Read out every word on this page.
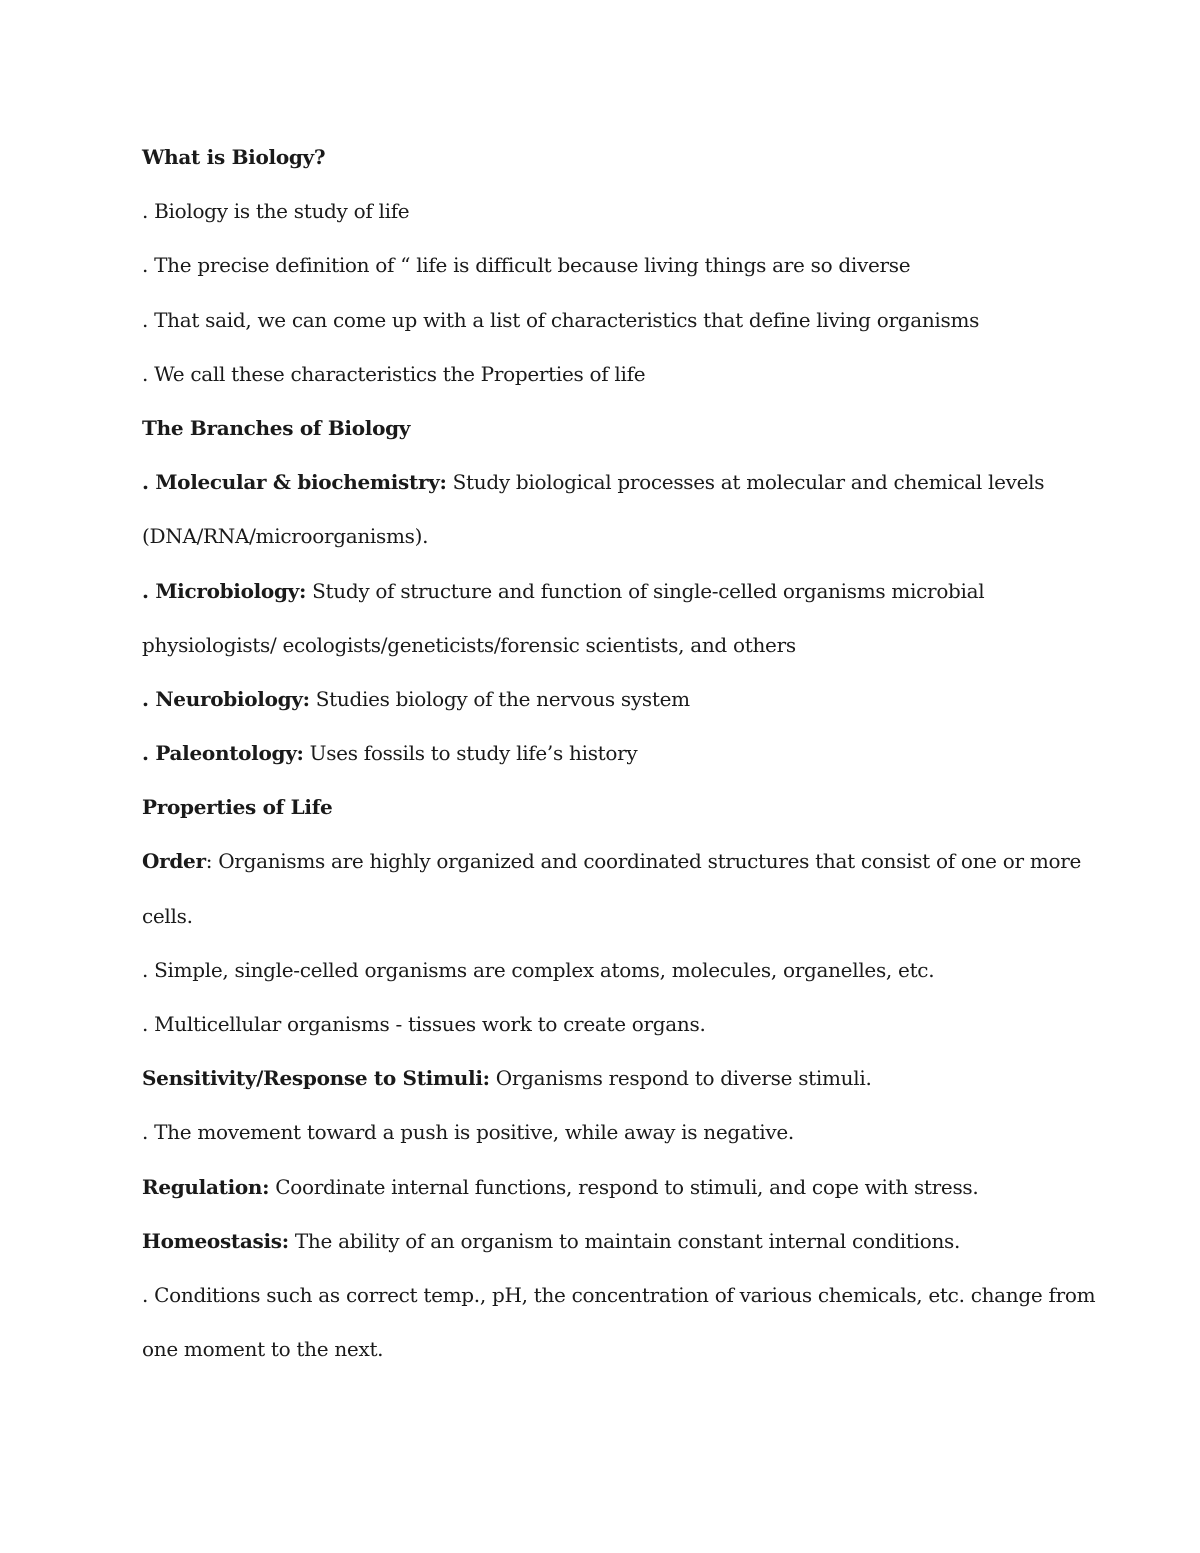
What is Biology?
. Biology is the study of life
. The precise definition of “ life is difficult because living things are so diverse
. That said, we can come up with a list of characteristics that define living organisms
. We call these characteristics the Properties of life
The Branches of Biology
. Molecular & biochemistry: Study biological processes at molecular and chemical levels
(DNA/RNA/microorganisms).
. Microbiology: Study of structure and function of single-celled organisms microbial
physiologists/ ecologists/geneticists/forensic scientists, and others
. Neurobiology: Studies biology of the nervous system
. Paleontology: Uses fossils to study life’s history
Properties of Life
Order: Organisms are highly organized and coordinated structures that consist of one or more
cells.
. Simple, single-celled organisms are complex atoms, molecules, organelles, etc.
. Multicellular organisms - tissues work to create organs.
Sensitivity/Response to Stimuli: Organisms respond to diverse stimuli.
. The movement toward a push is positive, while away is negative.
Regulation: Coordinate internal functions, respond to stimuli, and cope with stress.
Homeostasis: The ability of an organism to maintain constant internal conditions.
. Conditions such as correct temp., pH, the concentration of various chemicals, etc. change from
one moment to the next.
